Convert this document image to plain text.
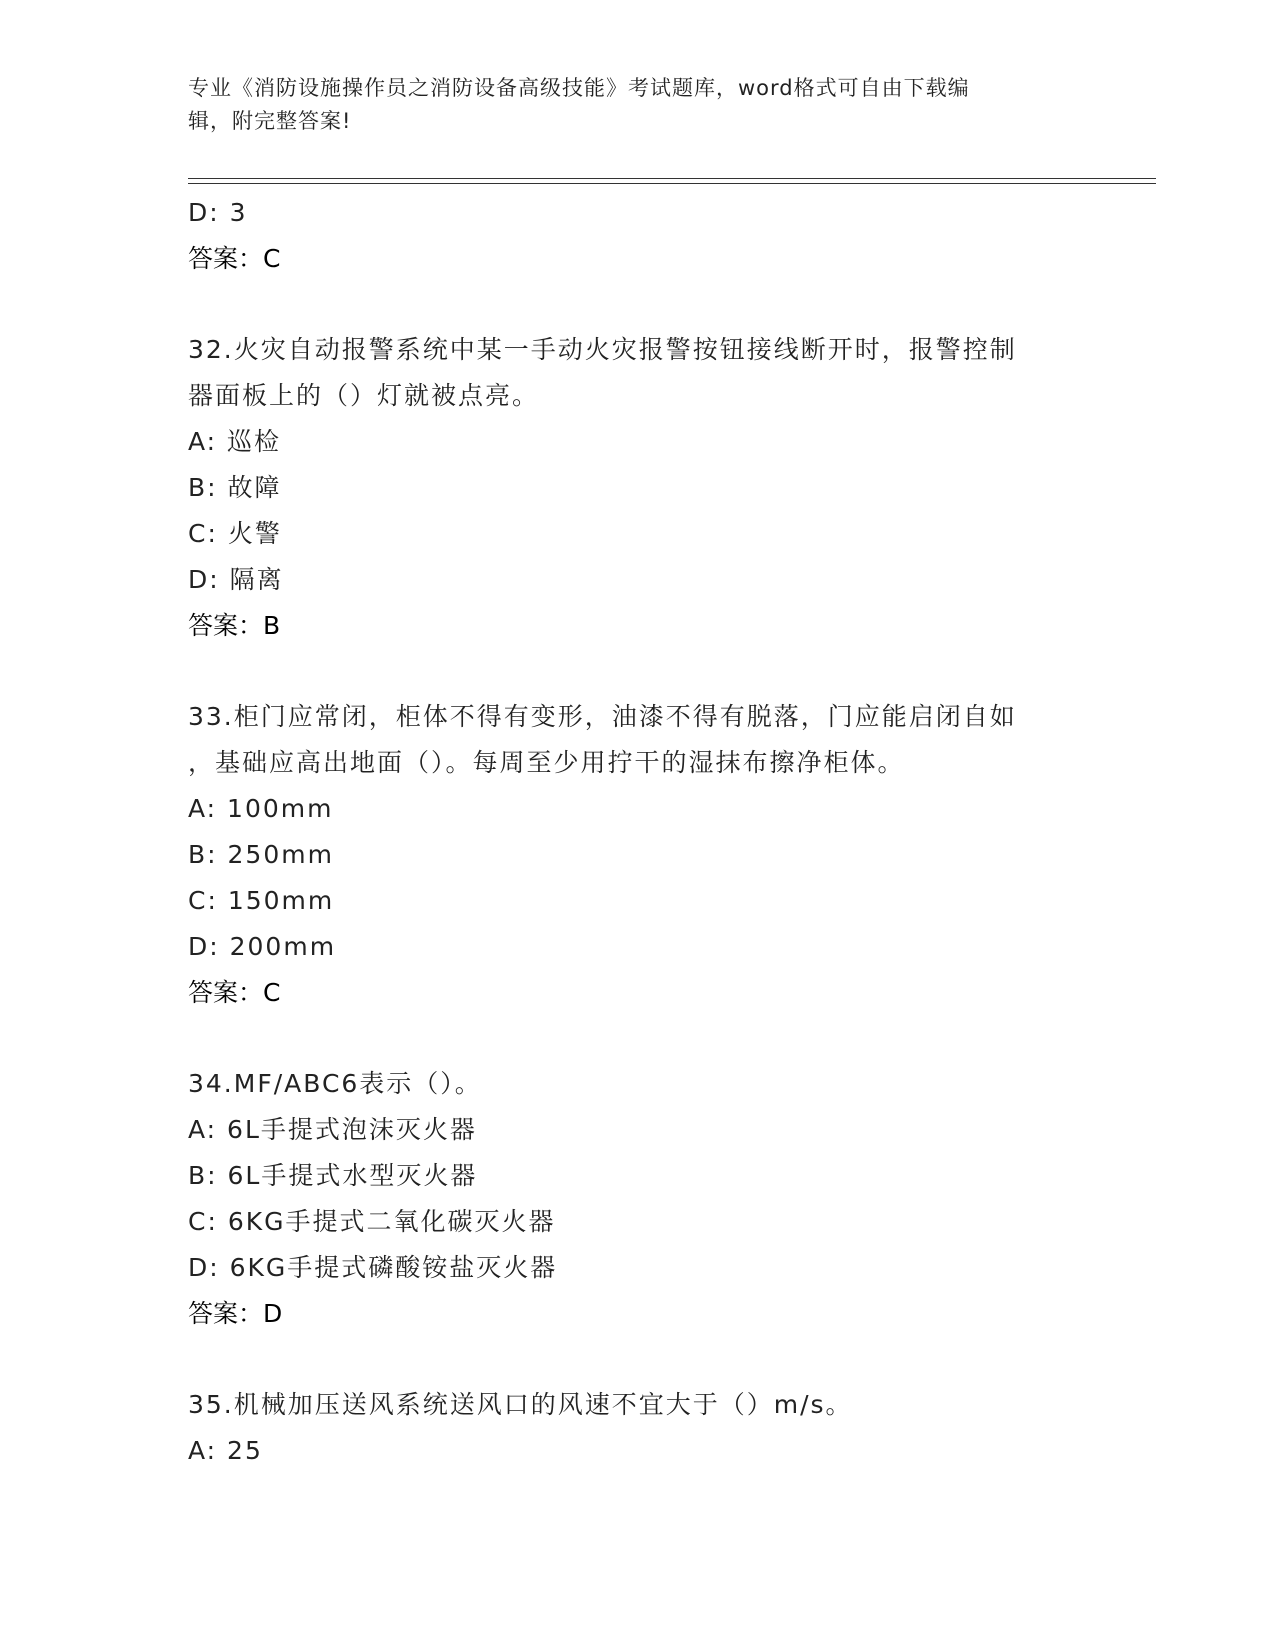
专业《消防设施操作员之消防设备高级技能》考试题库，word格式可自由下载编
辑，附完整答案!
D: 3
答案：C
32.火灾自动报警系统中某一手动火灾报警按钮接线断开时，报警控制
器面板上的（）灯就被点亮。
A: 巡检
B: 故障
C: 火警
D: 隔离
答案：B
33.柜门应常闭，柜体不得有变形，油漆不得有脱落，门应能启闭自如
，基础应高出地面（）。每周至少用拧干的湿抹布擦净柜体。
A: 100mm
B: 250mm
C: 150mm
D: 200mm
答案：C
34.MF/ABC6表示（）。
A: 6L手提式泡沫灭火器
B: 6L手提式水型灭火器
C: 6KG手提式二氧化碳灭火器
D: 6KG手提式磷酸铵盐灭火器
答案：D
35.机械加压送风系统送风口的风速不宜大于（）m/s。
A: 25
